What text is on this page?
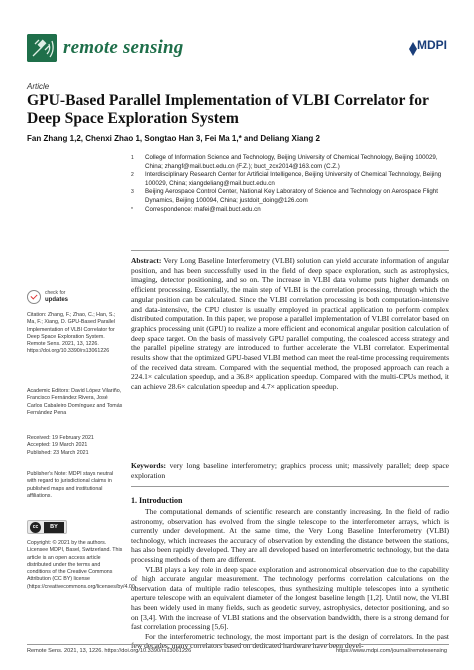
remote sensing	MDPI
Article
GPU-Based Parallel Implementation of VLBI Correlator for Deep Space Exploration System
Fan Zhang 1,2, Chenxi Zhao 1, Songtao Han 3, Fei Ma 1,* and Deliang Xiang 2
1 College of Information Science and Technology, Beijing University of Chemical Technology, Beijing 100029, China; zhangf@mail.buct.edu.cn (F.Z.); buct_zcx2014@163.com (C.Z.)
2 Interdisciplinary Research Center for Artificial Intelligence, Beijing University of Chemical Technology, Beijing 100029, China; xiangdeliang@mail.buct.edu.cn
3 Beijing Aerospace Control Center, National Key Laboratory of Science and Technology on Aerospace Flight Dynamics, Beijing 100094, China; justdoit_doing@126.com
* Correspondence: mafei@mail.buct.edu.cn
check for
updates
Citation: Zhang, F.; Zhao, C.; Han, S.; Ma, F.; Xiang, D. GPU-Based Parallel Implementation of VLBI Correlator for Deep Space Exploration System. Remote Sens. 2021, 13, 1226. https://doi.org/10.3390/rs13061226
Academic Editors: David López Vilariño, Francisco Fernández Rivera, José Carlos Cabaleiro Domínguez and Tomás Fernández Pena
Received: 19 February 2021
Accepted: 19 March 2021
Published: 23 March 2021
Publisher's Note: MDPI stays neutral with regard to jurisdictional claims in published maps and institutional affiliations.
cc	BY
Copyright: © 2021 by the authors. Licensee MDPI, Basel, Switzerland. This article is an open access article distributed under the terms and conditions of the Creative Commons Attribution (CC BY) license (https://creativecommons.org/licenses/by/4.0/).
Abstract: Very Long Baseline Interferometry (VLBI) solution can yield accurate information of angular position, and has been successfully used in the field of deep space exploration, such as astrophysics, imaging, detector positioning, and so on. The increase in VLBI data volume puts higher demands on efficient processing. Essentially, the main step of VLBI is the correlation processing, through which the angular position can be calculated. Since the VLBI correlation processing is both computation-intensive and data-intensive, the CPU cluster is usually employed in practical application to perform complex distributed computation. In this paper, we propose a parallel implementation of VLBI correlator based on graphics processing unit (GPU) to realize a more efficient and economical angular position calculation of deep space target. On the basis of massively GPU parallel computing, the coalesced access strategy and the parallel pipeline strategy are introduced to further accelerate the VLBI correlator. Experimental results show that the optimized GPU-based VLBI method can meet the real-time processing requirements of the received data stream. Compared with the sequential method, the proposed approach can reach a 224.1× calculation speedup, and a 36.8× application speedup. Compared with the multi-CPUs method, it can achieve 28.6× calculation speedup and 4.7× application speedup.
Keywords: very long baseline interferometry; graphics process unit; massively parallel; deep space exploration
1. Introduction

The computational demands of scientific research are constantly increasing. In the field of radio astronomy, observation has evolved from the single telescope to the interferometer arrays, which is currently under development. At the same time, the Very Long Baseline Interferometry (VLBI) technology, which increases the accuracy of observation by extending the distance between the stations, has also been rapidly developed. They are all developed based on interferometric technology, but the data processing methods of them are different.

VLBI plays a key role in deep space exploration and astronomical observation due to the capability of high accurate angular measurement. The technology performs correlation calculations on the observation data of multiple radio telescopes, thus synthesizing multiple telescopes into a synthetic aperture telescope with an equivalent diameter of the longest baseline length [1,2]. Until now, the VLBI has been widely used in many fields, such as geodetic survey, astrophysics, detector positioning, and so on [3,4]. With the increase of VLBI stations and the observation bandwidth, there is a strong demand for fast correlation processing [5,6].

For the interferometric technology, the most important part is the design of correlators. In the past few decades, many correlators based on dedicated hardware have been devel-

Remote Sens. 2021, 13, 1226. https://doi.org/10.3390/rs13061226	https://www.mdpi.com/journal/remotesensing
